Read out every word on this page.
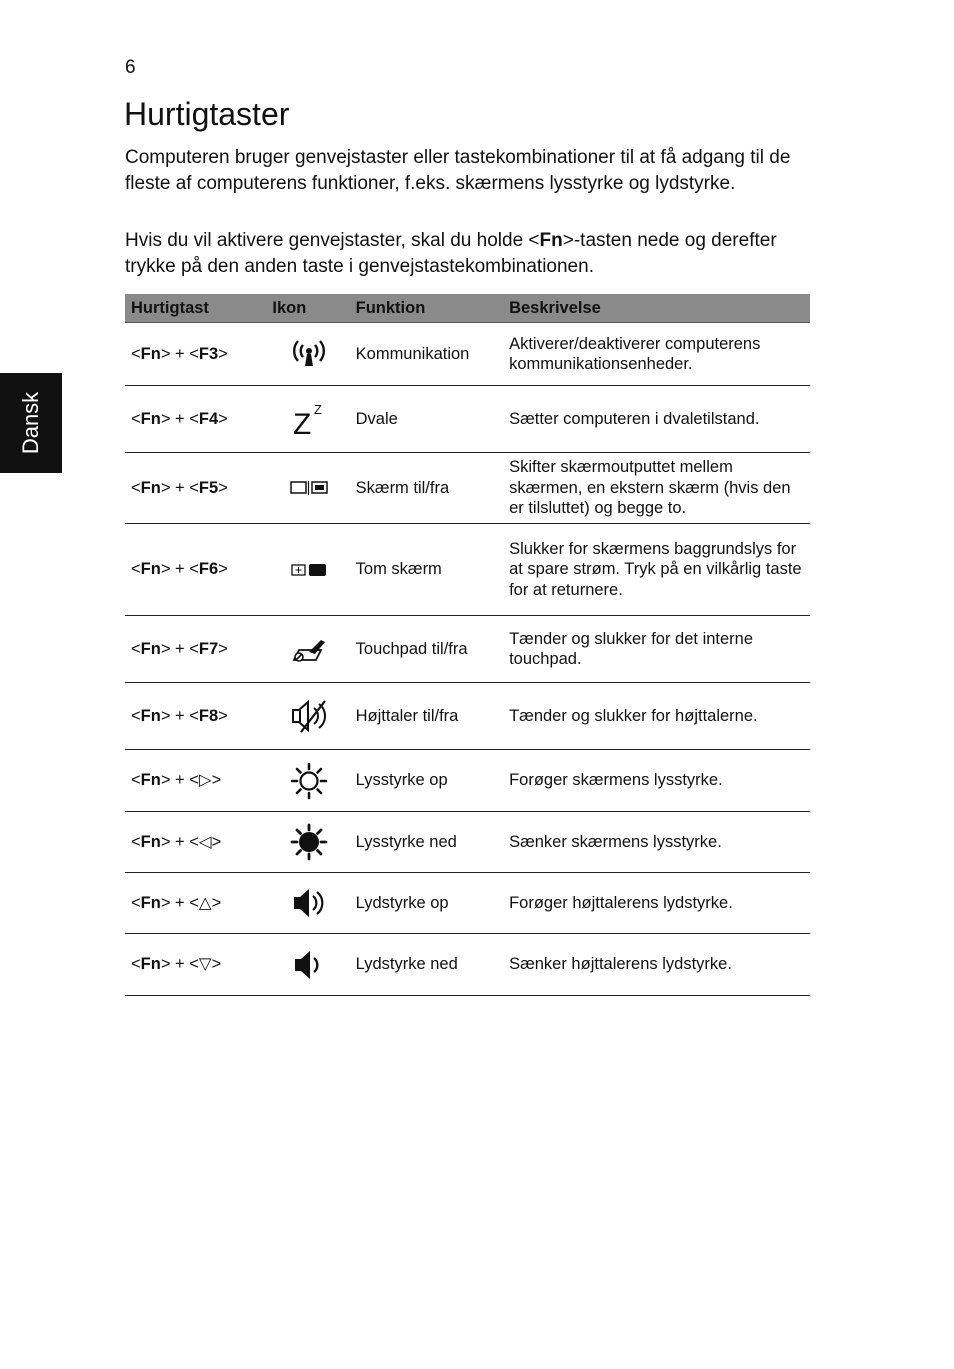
6
Dansk
Hurtigtaster

Computeren bruger genvejstaster eller tastekombinationer til at få adgang til de fleste af computerens funktioner, f.eks. skærmens lysstyrke og lydstyrke.

Hvis du vil aktivere genvejstaster, skal du holde <Fn>-tasten nede og derefter trykke på den anden taste i genvejstastekombinationen.

Hurtigtast	Ikon	Funktion	Beskrivelse
<Fn> + <F3>		Kommunikation	Aktiverer/deaktiverer computerens kommunikationsenheder.
<Fn> + <F4>	Z Z	Dvale	Sætter computeren i dvaletilstand.
<Fn> + <F5>		Skærm til/fra	Skifter skærmoutputtet mellem skærmen, en ekstern skærm (hvis den er tilsluttet) og begge to.
<Fn> + <F6>		Tom skærm	Slukker for skærmens baggrundslys for at spare strøm. Tryk på en vilkårlig taste for at returnere.
<Fn> + <F7>		Touchpad til/fra	Tænder og slukker for det interne touchpad.
<Fn> + <F8>		Højttaler til/fra	Tænder og slukker for højttalerne.
<Fn> + <▷>		Lysstyrke op	Forøger skærmens lysstyrke.
<Fn> + <◁>		Lysstyrke ned	Sænker skærmens lysstyrke.
<Fn> + <△>		Lydstyrke op	Forøger højttalerens lydstyrke.
<Fn> + <▽>		Lydstyrke ned	Sænker højttalerens lydstyrke.
